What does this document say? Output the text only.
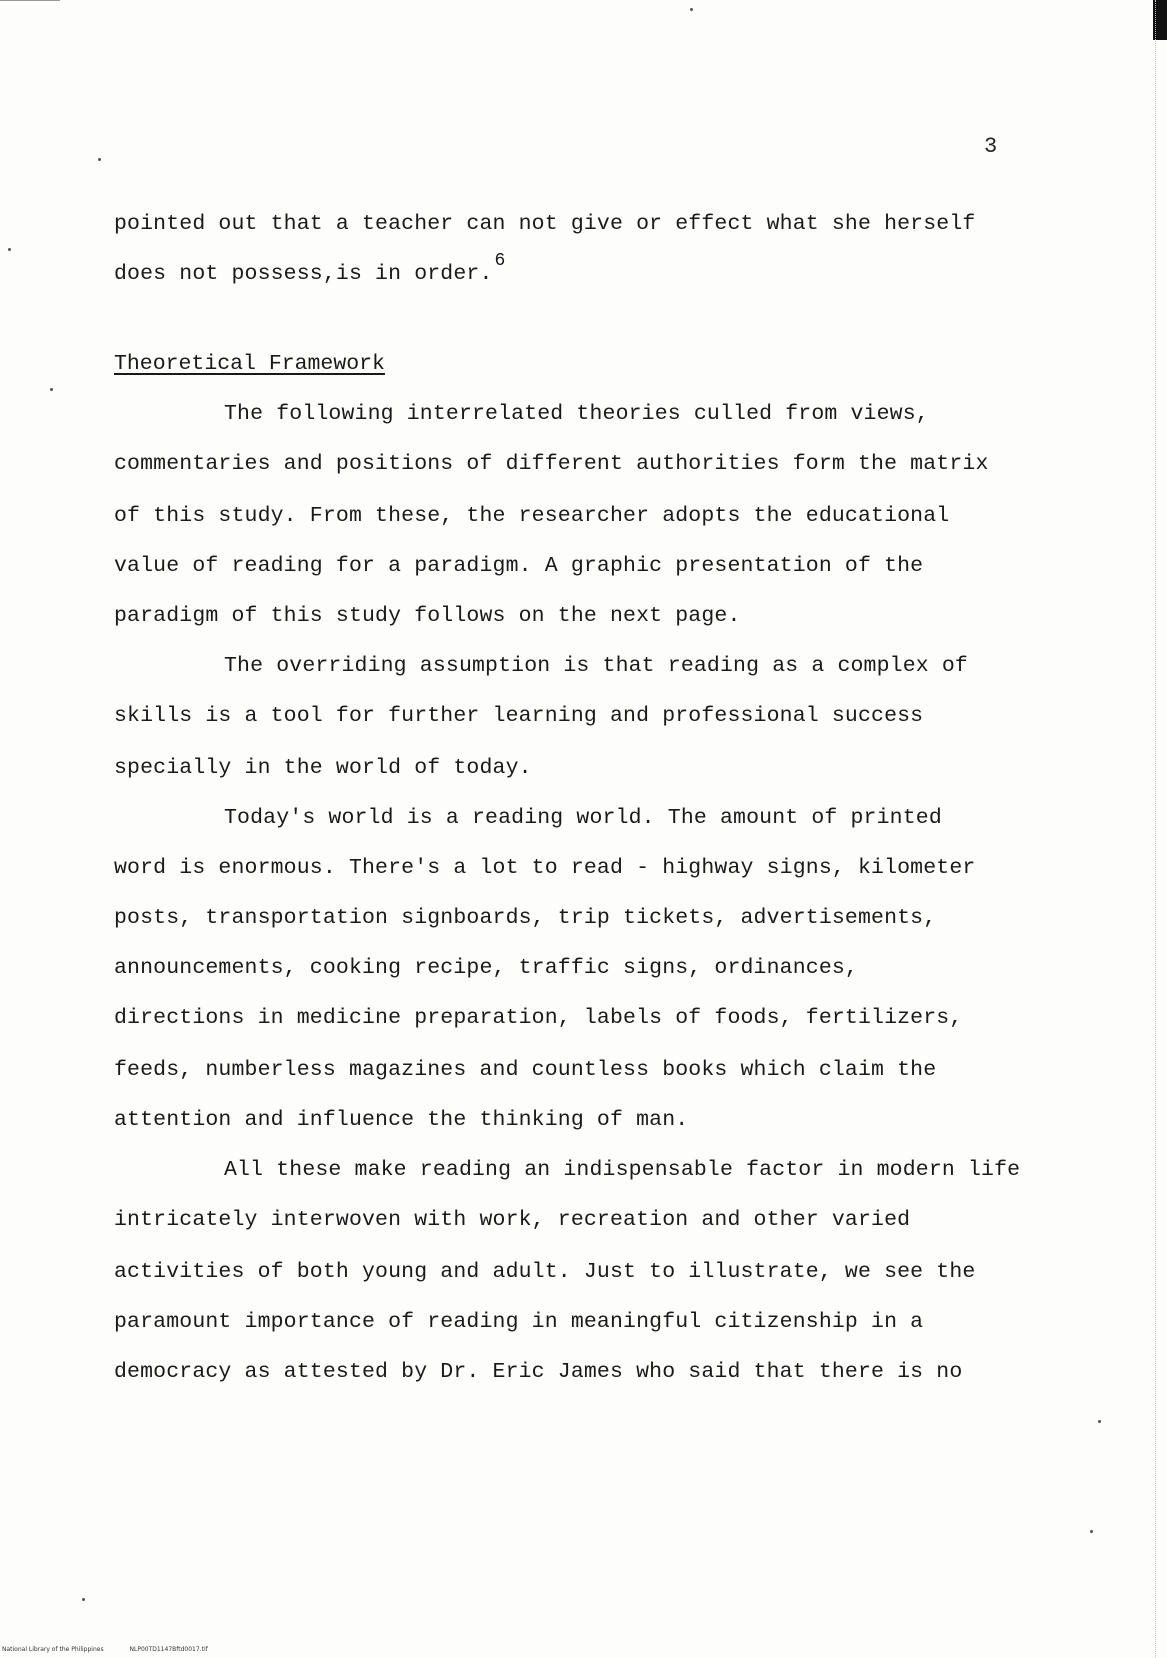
3
pointed out that a teacher can not give or effect what she herself
does not possess,is in order.$^6$
Theoretical Framework
The following interrelated theories culled from views,
commentaries and positions of different authorities form the matrix
of this study. From these, the researcher adopts the educational
value of reading for a paradigm. A graphic presentation of the
paradigm of this study follows on the next page.
The overriding assumption is that reading as a complex of
skills is a tool for further learning and professional success
specially in the world of today.
Today's world is a reading world. The amount of printed
word is enormous. There's a lot to read - highway signs, kilometer
posts, transportation signboards, trip tickets, advertisements,
announcements, cooking recipe, traffic signs, ordinances,
directions in medicine preparation, labels of foods, fertilizers,
feeds, numberless magazines and countless books which claim the
attention and influence the thinking of man.
All these make reading an indispensable factor in modern life
intricately interwoven with work, recreation and other varied
activities of both young and adult. Just to illustrate, we see the
paramount importance of reading in meaningful citizenship in a
democracy as attested by Dr. Eric James who said that there is no
National Library of the Philippines	NLP00TD1147Bftd0017.tif
